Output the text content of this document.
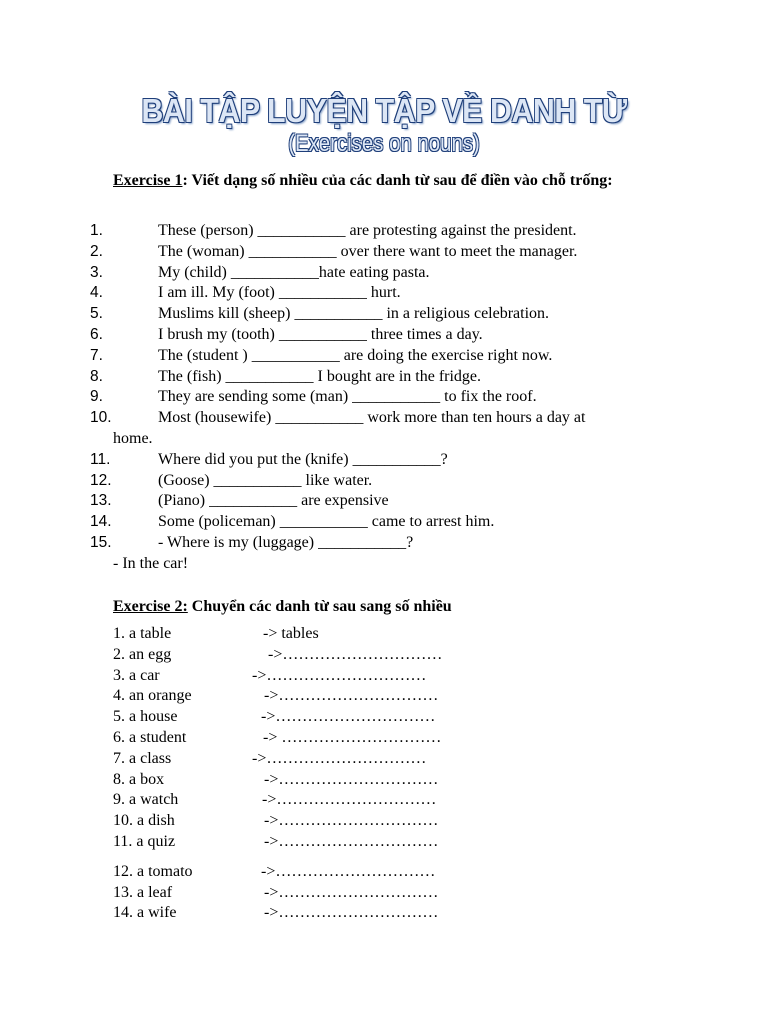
BÀI TẬP LUYỆN TẬP VỀ DANH TỪ
(Exercises on nouns)
Exercise 1: Viết dạng số nhiều của các danh từ sau để điền vào chỗ trống:
1.	These (person) ___________ are protesting against the president.
2.	The (woman) ___________ over there want to meet the manager.
3.	My (child) ___________hate eating pasta.
4.	I am ill. My (foot) ___________ hurt.
5.	Muslims kill (sheep) ___________ in a religious celebration.
6.	I brush my (tooth) ___________ three times a day.
7.	The (student ) ___________ are doing the exercise right now.
8.	The (fish) ___________ I bought are in the fridge.
9.	They are sending some (man) ___________ to fix the roof.
10.	Most (housewife) ___________ work more than ten hours a day at
home.
11.	Where did you put the (knife) ___________?
12.	(Goose) ___________ like water.
13.	(Piano) ___________ are expensive
14.	Some (policeman) ___________ came to arrest him.
15.	- Where is my (luggage) ___________?
- In the car!
Exercise 2: Chuyển các danh từ sau sang số nhiều
1. a table	-> tables
2. an egg	->…………………………
3. a car	->…………………………
4. an orange	->…………………………
5. a house	->…………………………
6. a student	-> …………………………
7. a class	->…………………………
8. a box	->…………………………
9. a watch	->…………………………
10. a dish	->…………………………
11. a quiz	->…………………………
12. a tomato	->…………………………
13. a leaf	->…………………………
14. a wife	->…………………………
